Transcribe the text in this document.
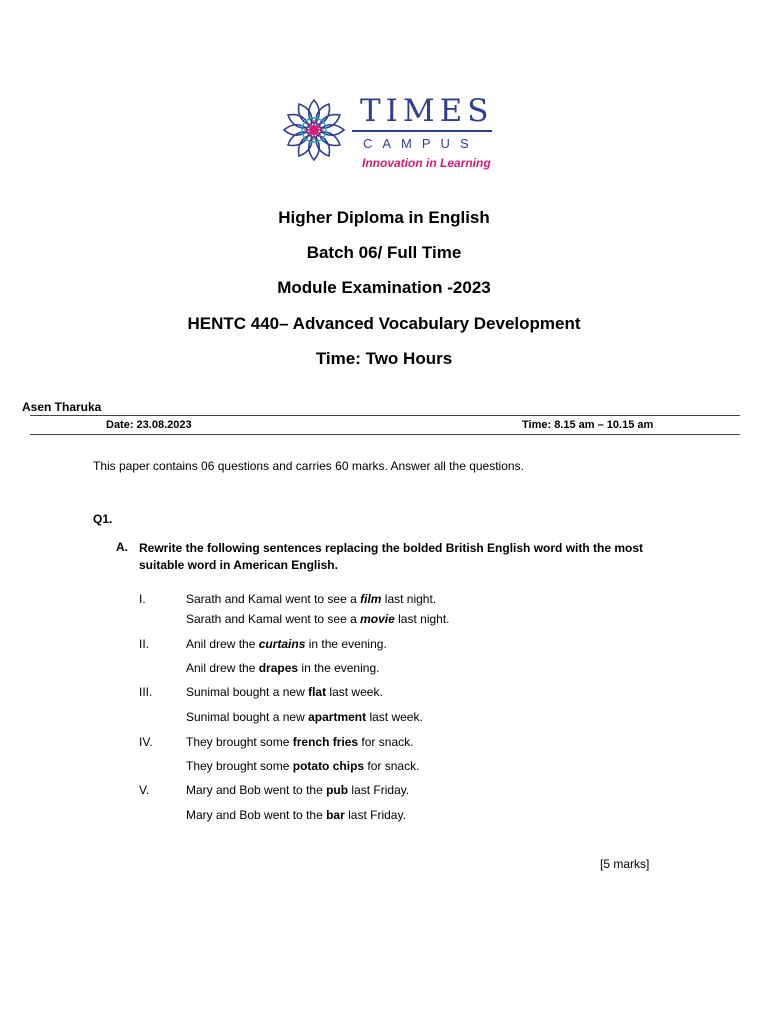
TIMES
CAMPUS
Innovation in Learning
Higher Diploma in English
Batch 06/ Full Time
Module Examination -2023
HENTC 440– Advanced Vocabulary Development
Time: Two Hours
Asen Tharuka
Date: 23.08.2023	Time: 8.15 am – 10.15 am
This paper contains 06 questions and carries 60 marks. Answer all the questions.
Q1.
A. Rewrite the following sentences replacing the bolded British English word with the most suitable word in American English.
I.	Sarath and Kamal went to see a film last night.
Sarath and Kamal went to see a movie last night.
II.	Anil drew the curtains in the evening.
Anil drew the drapes in the evening.
III.	Sunimal bought a new flat last week.
Sunimal bought a new apartment last week.
IV.	They brought some french fries for snack.
They brought some potato chips for snack.
V.	Mary and Bob went to the pub last Friday.
Mary and Bob went to the bar last Friday.
[5 marks]
